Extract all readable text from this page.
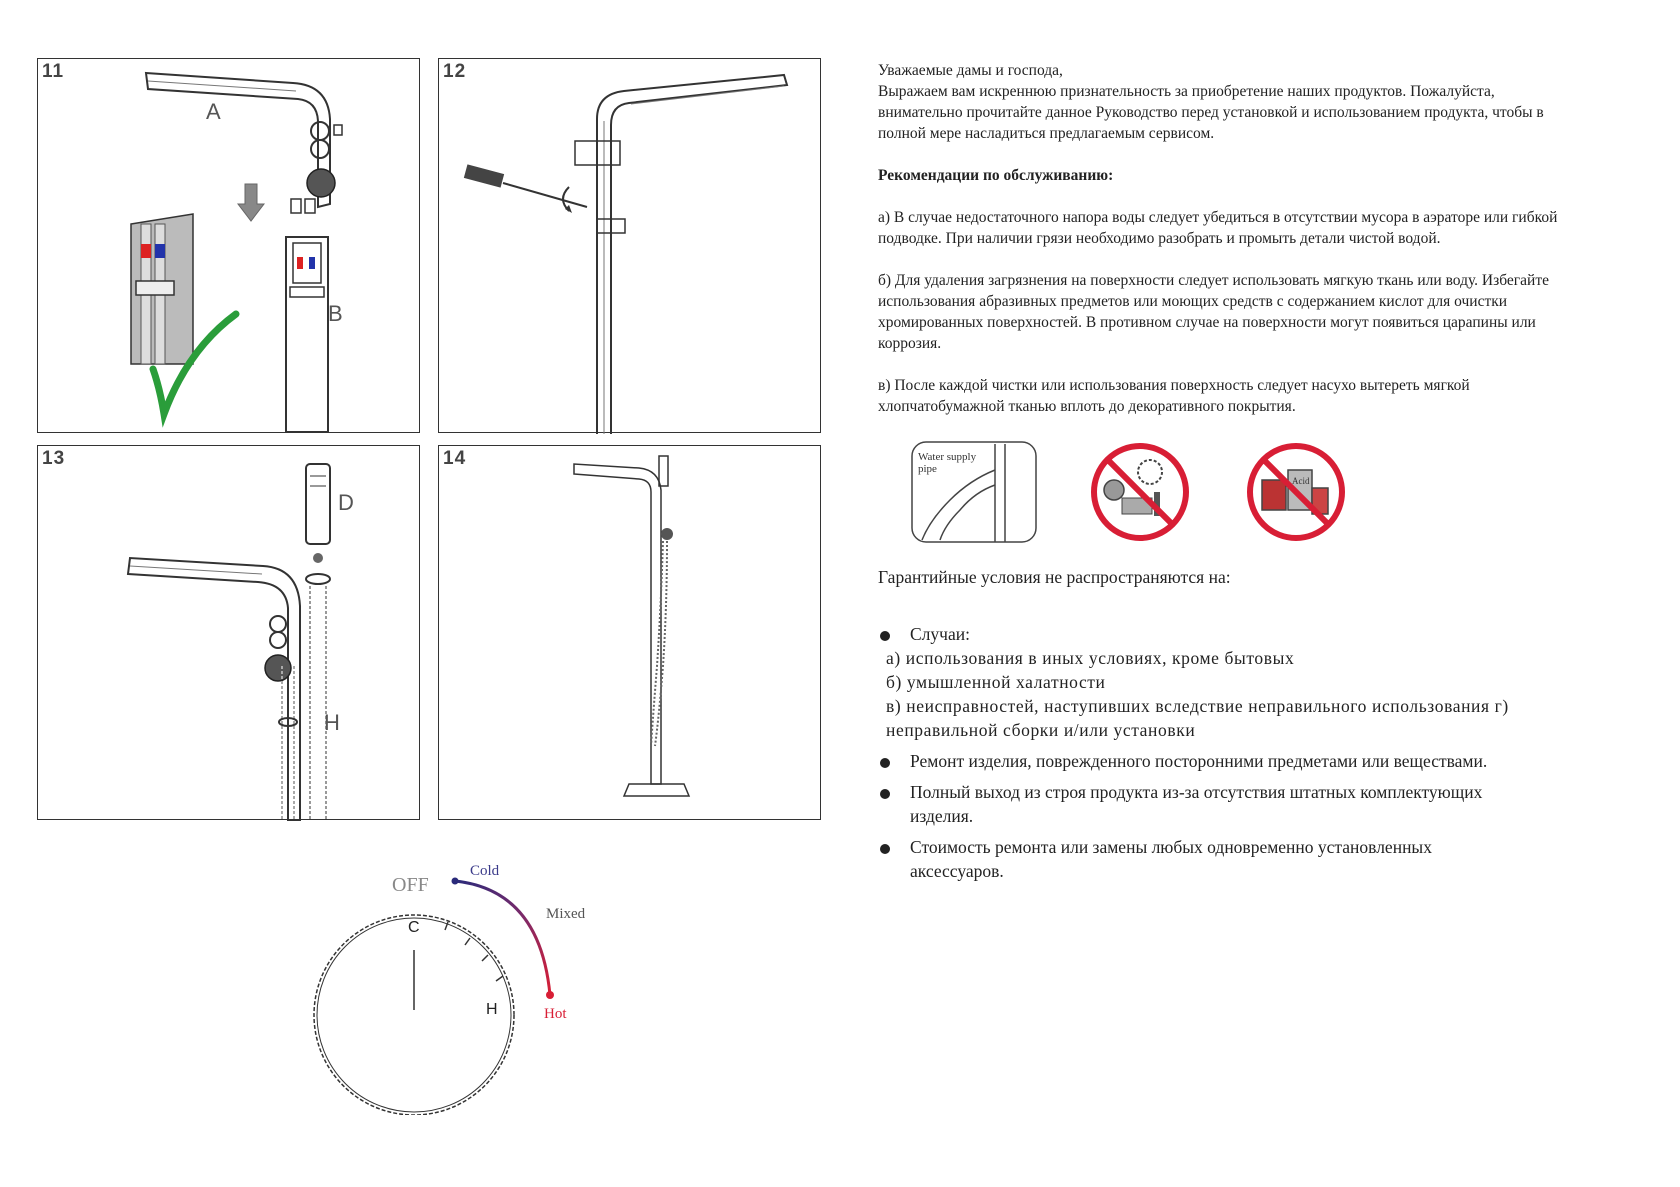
11
A
B
12
13
D
H
14
OFF
Cold
Mixed
Hot
C
H

Уважаемые дамы и господа,

Выражаем вам искреннюю признательность за приобретение наших продуктов. Пожалуйста,

внимательно прочитайте данное Руководство перед установкой и использованием продукта, чтобы в

полной мере насладиться предлагаемым сервисом.

Рекомендации по обслуживанию:

а) В случае недостаточного напора воды следует убедиться в отсутствии мусора в аэраторе или гибкой

подводке. При наличии грязи необходимо разобрать и промыть детали чистой водой.

б) Для удаления загрязнения на поверхности следует использовать мягкую ткань или воду. Избегайте

использования абразивных предметов или моющих средств с содержанием кислот для очистки

хромированных поверхностей. В противном случае на поверхности могут появиться царапины или

коррозия.

в) После каждой чистки или использования поверхность следует насухо вытереть мягкой

хлопчатобумажной тканью вплоть до декоративного покрытия.

Water supply
pipe
Acid

Гарантийные условия не распространяются на:

Случаи:
а) использования в иных условиях, кроме бытовых
б) умышленной халатности
в) неисправностей, наступивших вследствие неправильного использования г)
неправильной сборки и/или установки
Ремонт изделия, поврежденного посторонними предметами или веществами.
Полный выход из строя продукта из-за отсутствия штатных комплектующих
изделия.
Стоимость ремонта или замены любых одновременно установленных
аксессуаров.
